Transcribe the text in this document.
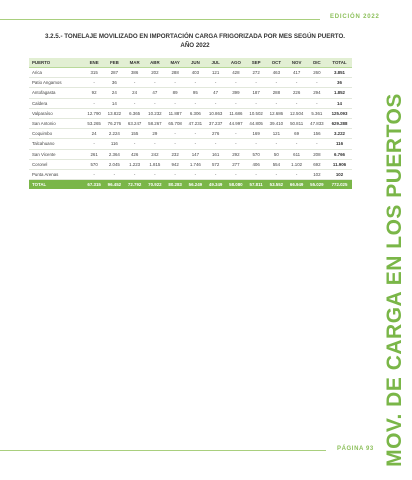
EDICIÓN 2022
3.2.5.- TONELAJE MOVILIZADO EN IMPORTACIÓN CARGA FRIGORIZADA POR MES SEGÚN PUERTO.
AÑO 2022
PUERTO	ENE	FEB	MAR	ABR	MAY	JUN	JUL	AGO	SEP	OCT	NOV	DIC	TOTAL
Arica	315	287	386	202	288	403	121	428	272	463	417	260	3.851
Patio Angamos	-	36	-	-	-	-	-	-	-	-	-	-	36
Antofagasta	92	24	24	47	89	95	47	399	187	288	226	294	1.852
Caldera	-	14	-	-	-	-	-	-	-	-	-	-	14
Valparaíso	12.790	13.822	6.365	10.232	11.887	6.306	10.863	11.686	10.502	12.686	12.504	5.361	125.093
San Antonio	53.265	76.276	63.247	58.267	65.708	47.231	37.237	44.997	44.805	39.410	50.811	47.833	629.288
Coquimbo	24	2.224	155	29	-	-	276	-	169	121	69	156	3.222
Talcahuano	-	116	-	-	-	-	-	-	-	-	-	-	116
San Vicente	261	2.364	426	242	232	147	161	292	570	50	611	208	6.766
Coronel	570	2.045	1.223	1.815	942	1.746	572	277	406	554	1.102	692	11.906
Punta Arenas	-	-	-	-	-	-	-	-	-	-	-	102	102
TOTAL	67.315	96.452	72.792	70.922	80.283	56.249	49.349	58.080	57.811	53.552	66.949	55.029	772.025 MOV. DE CARGA EN LOS PUERTOS
PÁGINA 93
